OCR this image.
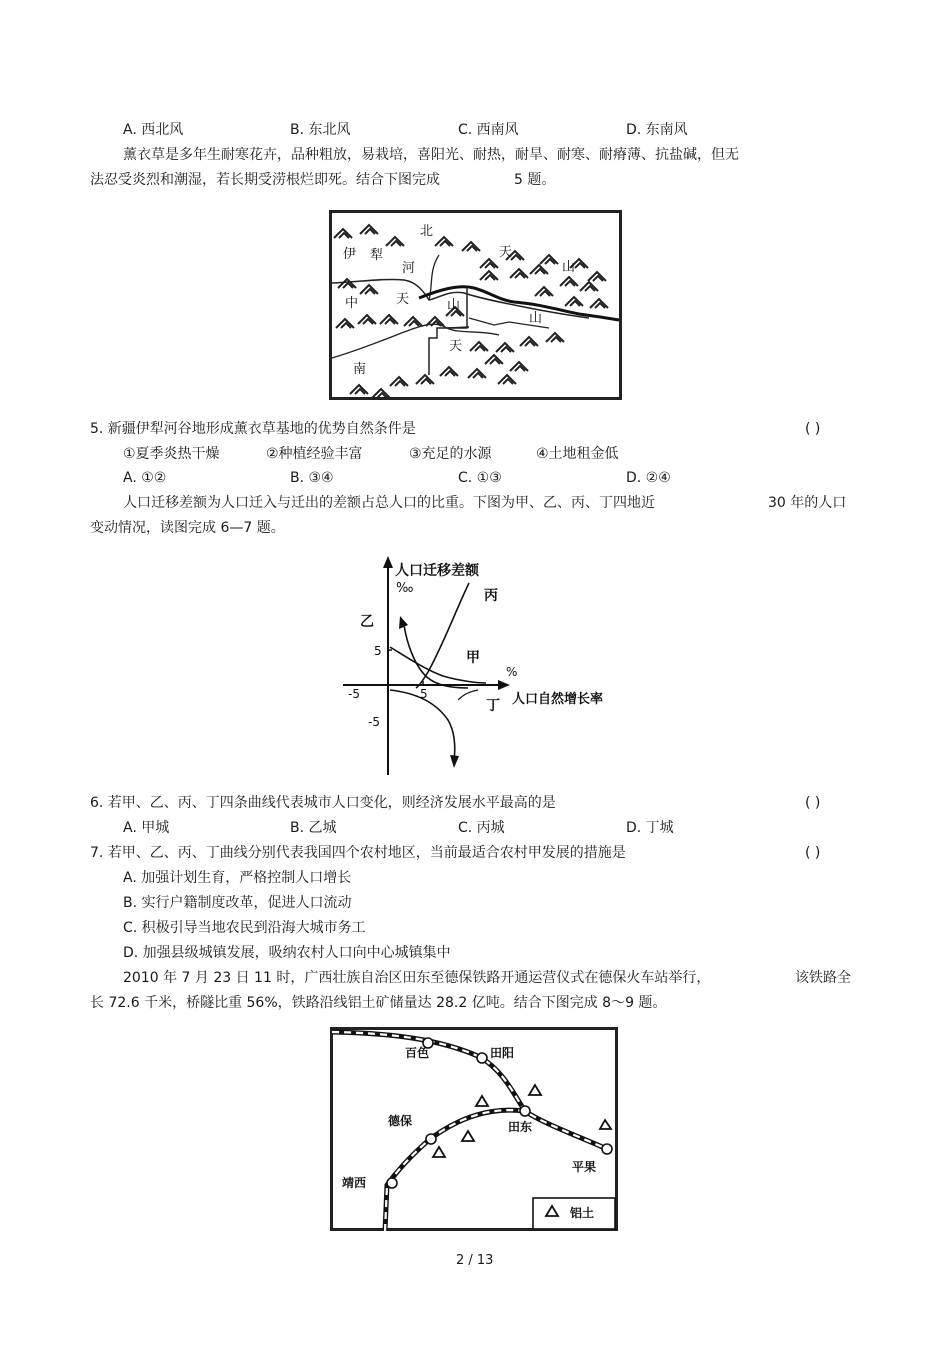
A. 西北风	B. 东北风	C. 西南风	D. 东南风
薰衣草是多年生耐寒花卉，品种粗放，易栽培，喜阳光、耐热，耐旱、耐寒、耐瘠薄、抗盐碱，但无
法忍受炎烈和潮湿，若长期受涝根烂即死。结合下图完成	5 题。
北
伊 犁
河
天
山
中	天	山
山
天
南
5. 新疆伊犁河谷地形成薰衣草基地的优势自然条件是	( )
①夏季炎热干燥	②种植经验丰富	③充足的水源	④土地租金低
A. ①②	B. ③④	C. ①③	D. ②④
人口迁移差额为人口迁入与迁出的差额占总人口的比重。下图为甲、乙、丙、丁四地近	30 年的人口
变动情况，读图完成 6—7 题。
人口迁移差额
‰
人口自然增长率
%
-5	5
5
-5
丙
乙
甲
丁
6. 若甲、乙、丙、丁四条曲线代表城市人口变化，则经济发展水平最高的是	( )
A. 甲城	B. 乙城	C. 丙城	D. 丁城
7. 若甲、乙、丙、丁曲线分别代表我国四个农村地区，当前最适合农村甲发展的措施是	( )
A. 加强计划生育，严格控制人口增长
B. 实行户籍制度改革，促进人口流动
C. 积极引导当地农民到沿海大城市务工
D. 加强县级城镇发展，吸纳农村人口向中心城镇集中
2010 年 7 月 23 日 11 时，广西壮族自治区田东至德保铁路开通运营仪式在德保火车站举行，	该铁路全
长 72.6 千米，桥隧比重 56%，铁路沿线铝土矿储量达 28.2 亿吨。结合下图完成 8～9 题。
百色	田阳
德保	田东
平果
靖西
铝土
2 / 13
